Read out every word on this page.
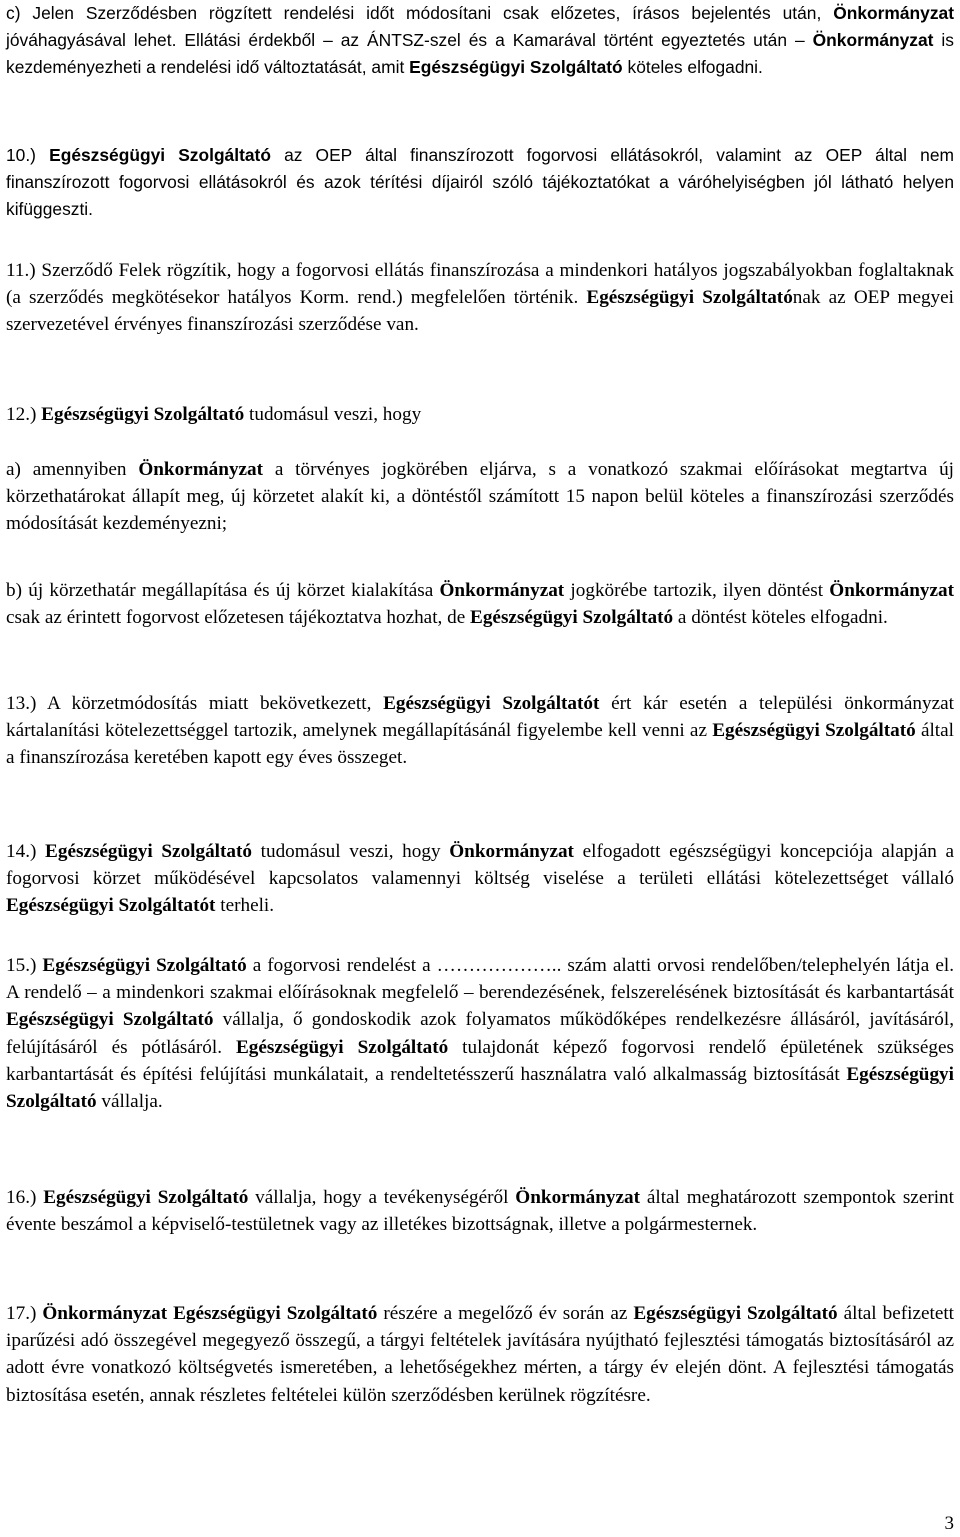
c) Jelen Szerződésben rögzített rendelési időt módosítani csak előzetes, írásos bejelentés után, Önkormányzat jóváhagyásával lehet. Ellátási érdekből – az ÁNTSZ-szel és a Kamarával történt egyeztetés után – Önkormányzat is kezdeményezheti a rendelési idő változtatását, amit Egészségügyi Szolgáltató köteles elfogadni.

10.) Egészségügyi Szolgáltató az OEP által finanszírozott fogorvosi ellátásokról, valamint az OEP által nem finanszírozott fogorvosi ellátásokról és azok térítési díjairól szóló tájékoztatókat a váróhelyiségben jól látható helyen kifüggeszti.

11.) Szerződő Felek rögzítik, hogy a fogorvosi ellátás finanszírozása a mindenkori hatályos jogszabályokban foglaltaknak (a szerződés megkötésekor hatályos Korm. rend.) megfelelően történik. Egészségügyi Szolgáltatónak az OEP megyei szervezetével érvényes finanszírozási szerződése van.

12.) Egészségügyi Szolgáltató tudomásul veszi, hogy

a) amennyiben Önkormányzat a törvényes jogkörében eljárva, s a vonatkozó szakmai előírásokat megtartva új körzethatárokat állapít meg, új körzetet alakít ki, a döntéstől számított 15 napon belül köteles a finanszírozási szerződés módosítását kezdeményezni;

b) új körzethatár megállapítása és új körzet kialakítása Önkormányzat jogkörébe tartozik, ilyen döntést Önkormányzat csak az érintett fogorvost előzetesen tájékoztatva hozhat, de Egészségügyi Szolgáltató a döntést köteles elfogadni.

13.) A körzetmódosítás miatt bekövetkezett, Egészségügyi Szolgáltatót ért kár esetén a települési önkormányzat kártalanítási kötelezettséggel tartozik, amelynek megállapításánál figyelembe kell venni az Egészségügyi Szolgáltató által a finanszírozása keretében kapott egy éves összeget.

14.) Egészségügyi Szolgáltató tudomásul veszi, hogy Önkormányzat elfogadott egészségügyi koncepciója alapján a fogorvosi körzet működésével kapcsolatos valamennyi költség viselése a területi ellátási kötelezettséget vállaló Egészségügyi Szolgáltatót terheli.

15.) Egészségügyi Szolgáltató a fogorvosi rendelést a ……………….. szám alatti orvosi rendelőben/telephelyén látja el. A rendelő – a mindenkori szakmai előírásoknak megfelelő – berendezésének, felszerelésének biztosítását és karbantartását Egészségügyi Szolgáltató vállalja, ő gondoskodik azok folyamatos működőképes rendelkezésre állásáról, javításáról, felújításáról és pótlásáról. Egészségügyi Szolgáltató tulajdonát képező fogorvosi rendelő épületének szükséges karbantartását és építési felújítási munkálatait, a rendeltetésszerű használatra való alkalmasság biztosítását Egészségügyi Szolgáltató vállalja.

16.) Egészségügyi Szolgáltató vállalja, hogy a tevékenységéről Önkormányzat által meghatározott szempontok szerint évente beszámol a képviselő-testületnek vagy az illetékes bizottságnak, illetve a polgármesternek.

17.) Önkormányzat Egészségügyi Szolgáltató részére a megelőző év során az Egészségügyi Szolgáltató által befizetett iparűzési adó összegével megegyező összegű, a tárgyi feltételek javítására nyújtható fejlesztési támogatás biztosításáról az adott évre vonatkozó költségvetés ismeretében, a lehetőségekhez mérten, a tárgy év elején dönt. A fejlesztési támogatás biztosítása esetén, annak részletes feltételei külön szerződésben kerülnek rögzítésre.

3
